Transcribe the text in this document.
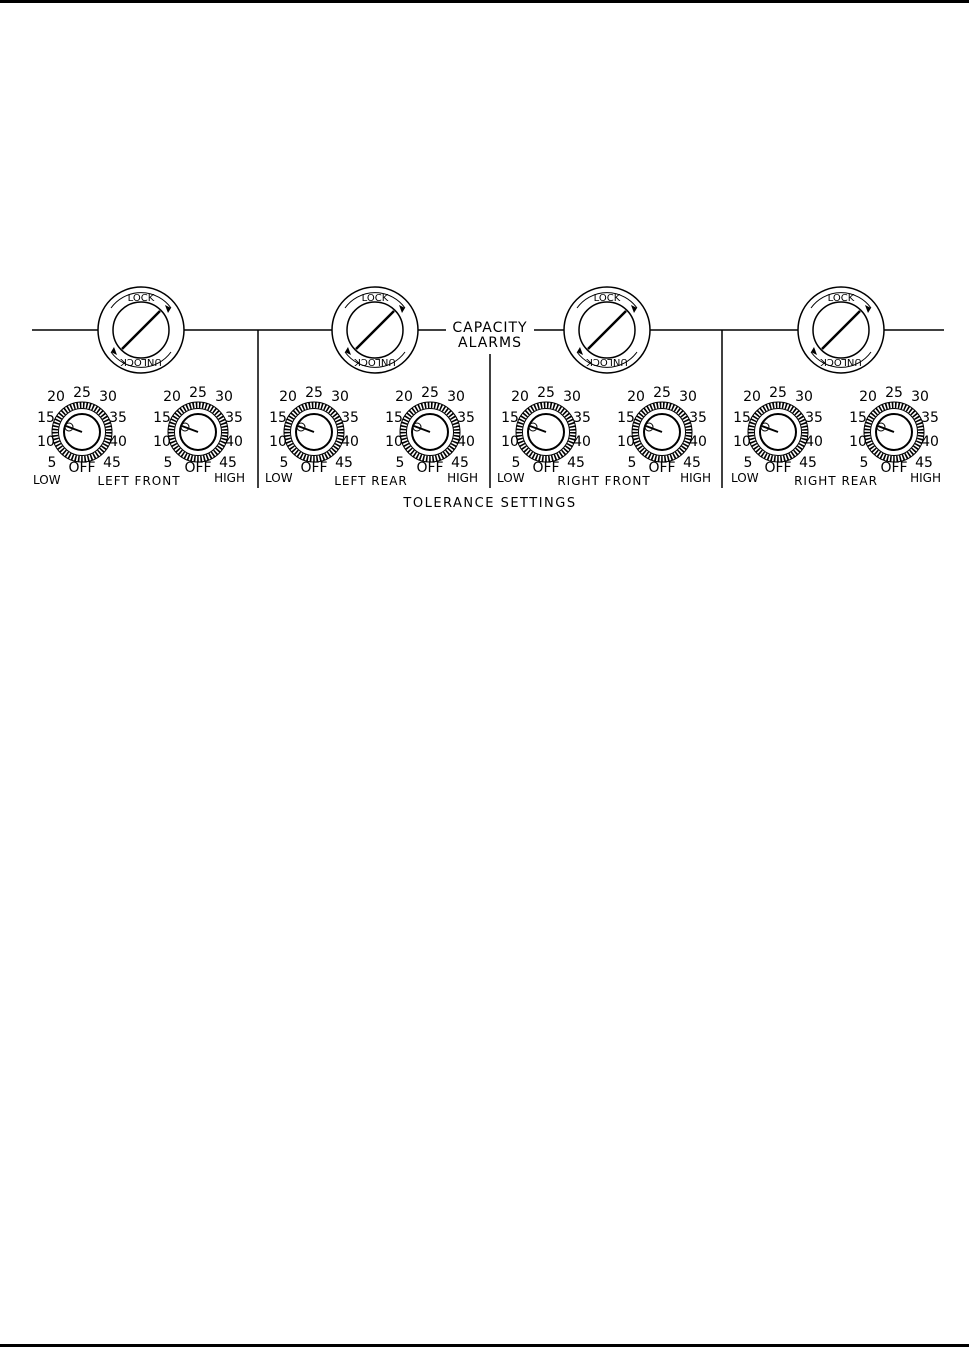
LOCK
UNLOCK
LOCK
UNLOCK
LOCK
UNLOCK
LOCK
UNLOCK
OFF
5
10
15
20 25 30
35
40
45	OFF
5
10
15
20 25 30
35
40
45	OFF
5
10
15
20 25 30
35
40
45	OFF
5
10
15
20 25 30
35
40
45	OFF
5
10
15
20 25 30
35
40
45	OFF
5
10
15
20 25 30
35
40
45	OFF
5
10
15
20 25 30
35
40
45	OFF
5
10
15
20 25 30
35
40
45
CAPACITY
ALARMS
LOW	LEFT FRONT	HIGH LOW	LEFT REAR	HIGH LOW	RIGHT FRONT HIGH LOW	RIGHT REAR	HIGH
TOLERANCE SETTINGS
